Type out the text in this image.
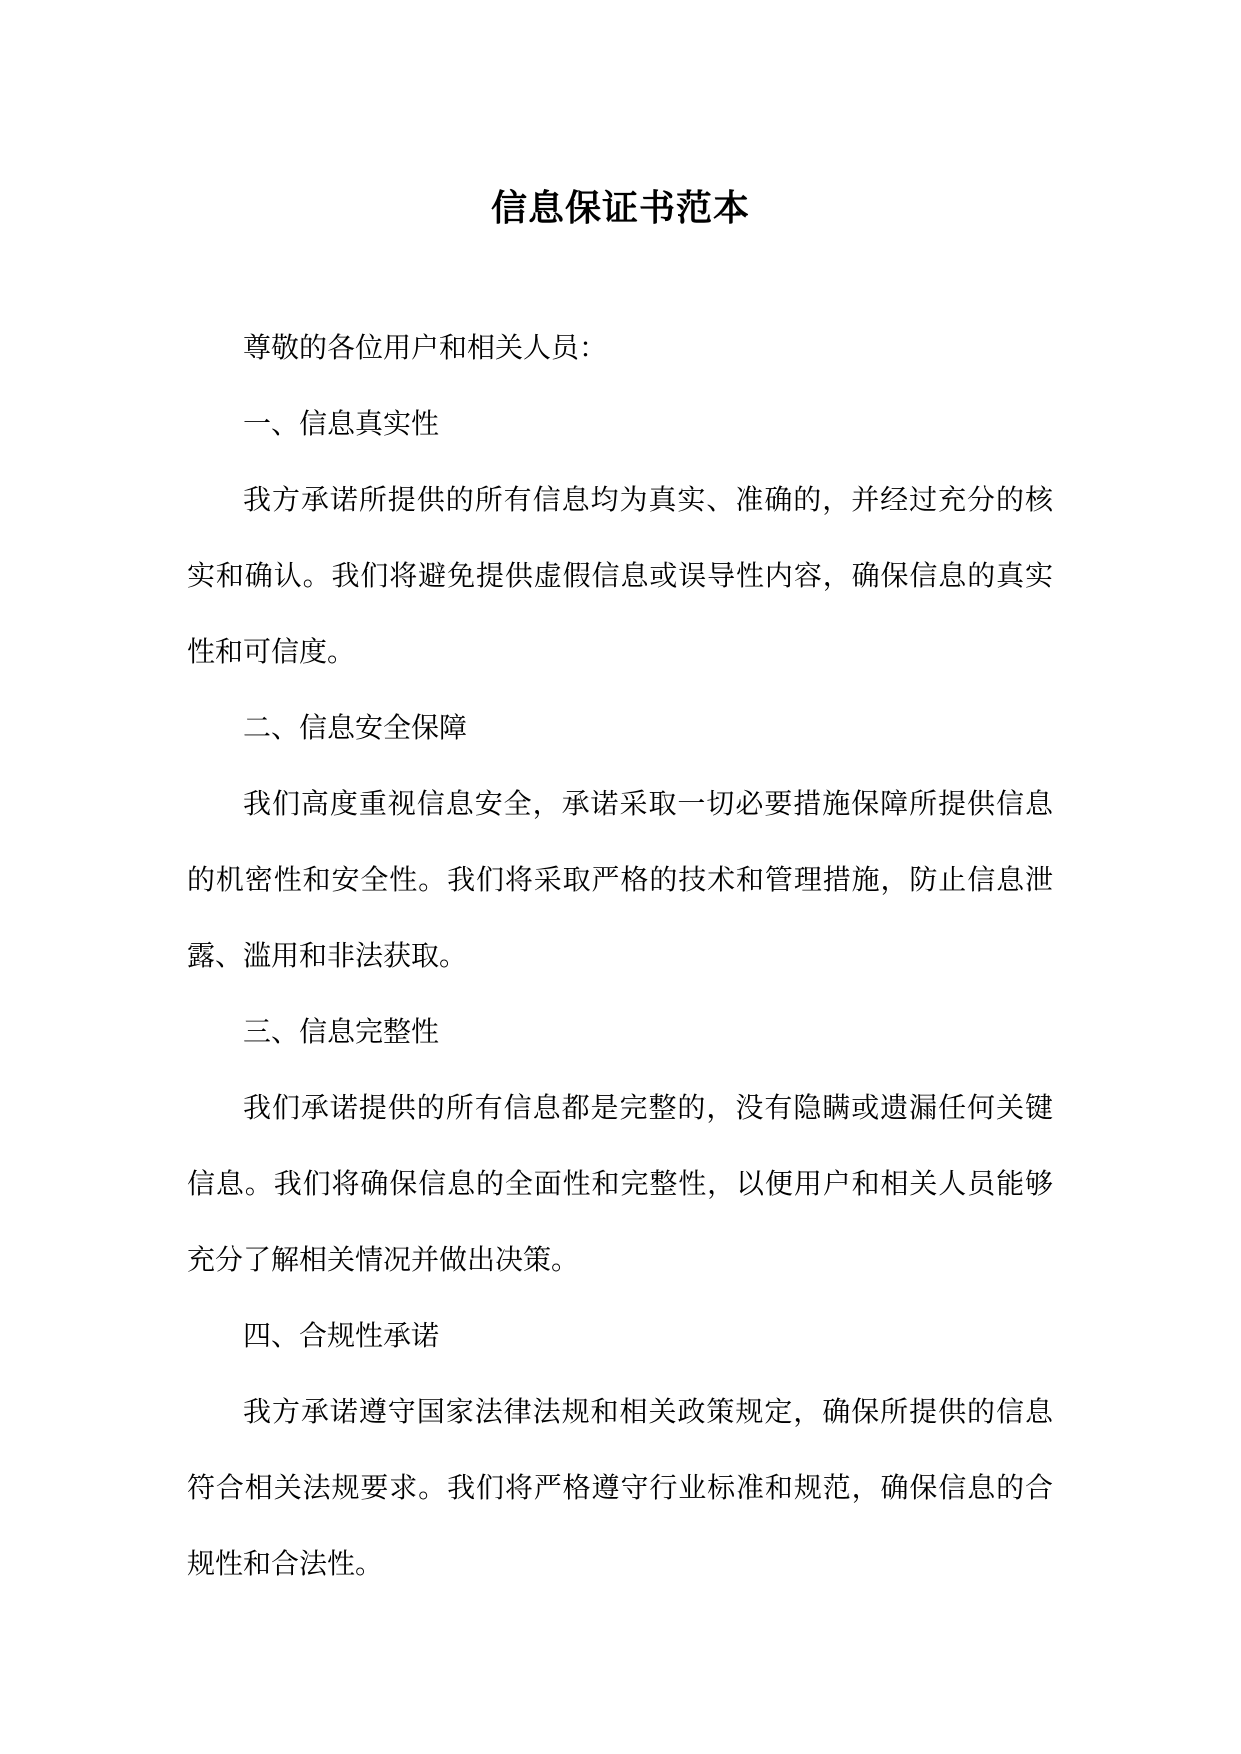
信息保证书范本

尊敬的各位用户和相关人员：

一、信息真实性

我方承诺所提供的所有信息均为真实、准确的，并经过充分的核实和确认。我们将避免提供虚假信息或误导性内容，确保信息的真实性和可信度。

二、信息安全保障

我们高度重视信息安全，承诺采取一切必要措施保障所提供信息的机密性和安全性。我们将采取严格的技术和管理措施，防止信息泄露、滥用和非法获取。

三、信息完整性

我们承诺提供的所有信息都是完整的，没有隐瞒或遗漏任何关键信息。我们将确保信息的全面性和完整性，以便用户和相关人员能够充分了解相关情况并做出决策。

四、合规性承诺

我方承诺遵守国家法律法规和相关政策规定，确保所提供的信息符合相关法规要求。我们将严格遵守行业标准和规范，确保信息的合规性和合法性。
